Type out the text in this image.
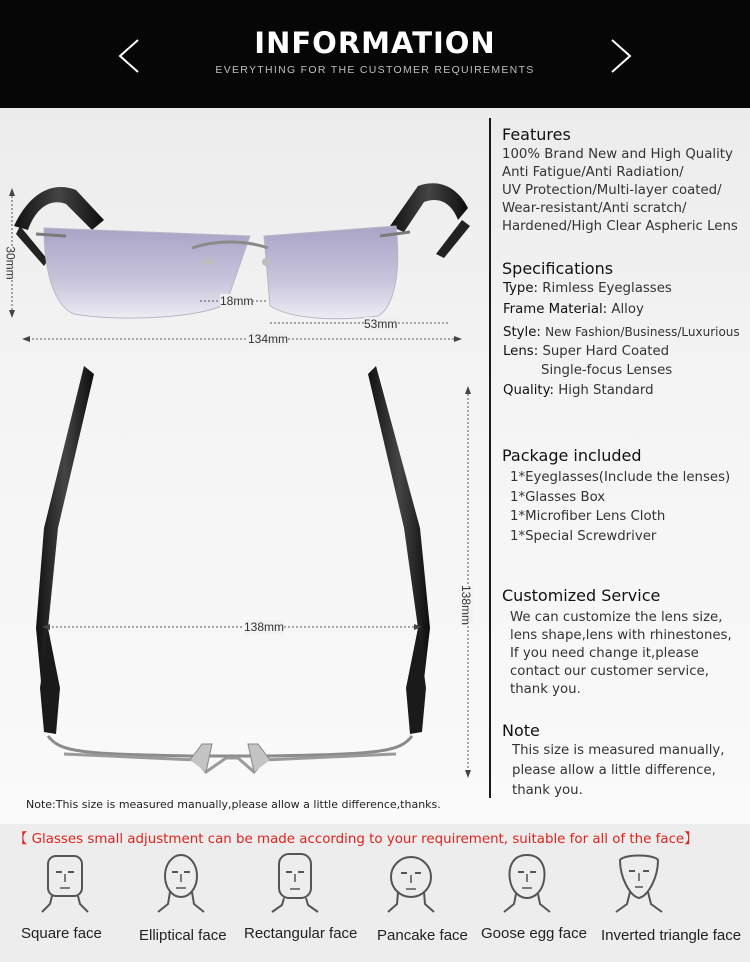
INFORMATION
EVERYTHING FOR THE CUSTOMER REQUIREMENTS
30mm
18mm
53mm
134mm
138mm
138mm
Features
100% Brand New and High Quality
Anti Fatigue/Anti Radiation/
UV Protection/Multi-layer coated/
Wear-resistant/Anti scratch/
Hardened/High Clear Aspheric Lens
Specifications
Type: Rimless Eyeglasses
Frame Material: Alloy
Style: New Fashion/Business/Luxurious
Lens: Super Hard Coated
Single-focus Lenses
Quality: High Standard
Package included
1*Eyeglasses(Include the lenses)
1*Glasses Box
1*Microfiber Lens Cloth
1*Special Screwdriver
Customized Service
We can customize the lens size,
lens shape,lens with rhinestones,
If you need change it,please
contact our customer service,
thank you.
Note
This size is measured manually,
please allow a little difference,
thank you.
Note:This size is measured manually,please allow a little difference,thanks.
【 Glasses small adjustment can be made according to your requirement, suitable for all of the face】
Square face Elliptical face Rectangular face Pancake face Goose egg face Inverted triangle face
